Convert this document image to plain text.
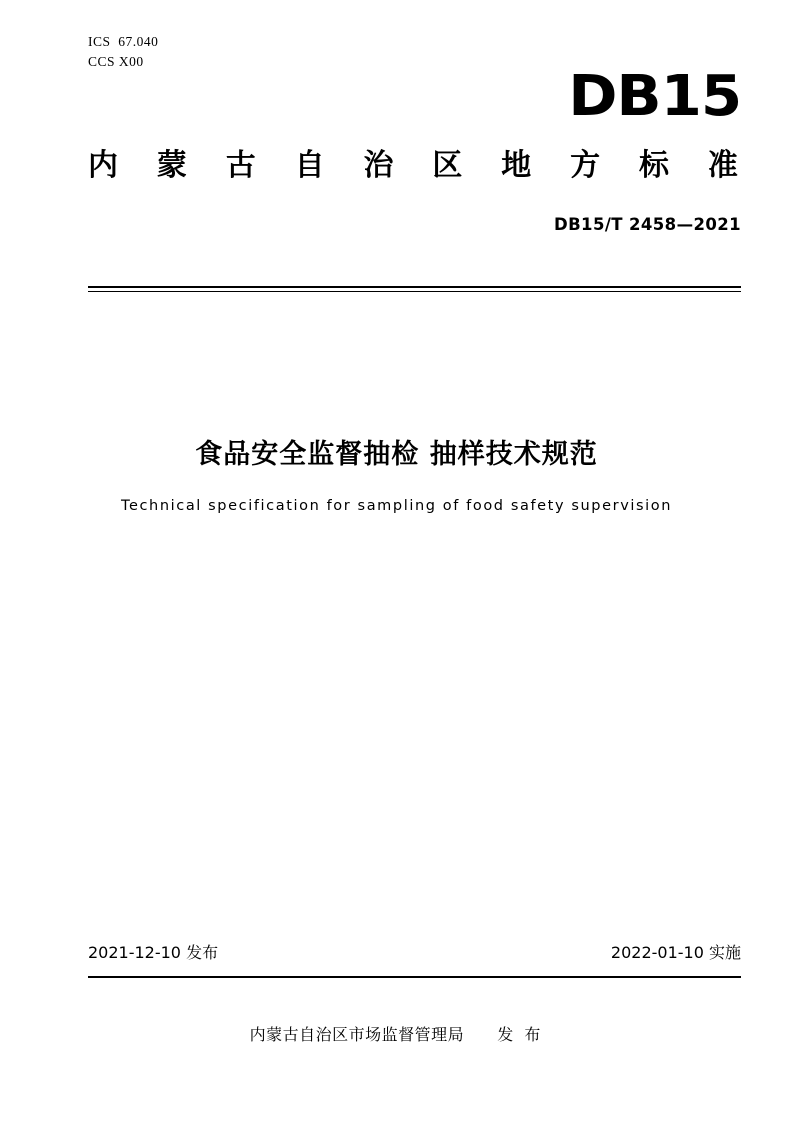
ICS  67.040
CCS X00
DB15
内 蒙 古 自 治 区 地 方 标 准
DB15/T 2458—2021
食品安全监督抽检 抽样技术规范
Technical specification for sampling of food safety supervision
2021-12-10 发布	2022-01-10 实施
内蒙古自治区市场监督管理局 发 布
